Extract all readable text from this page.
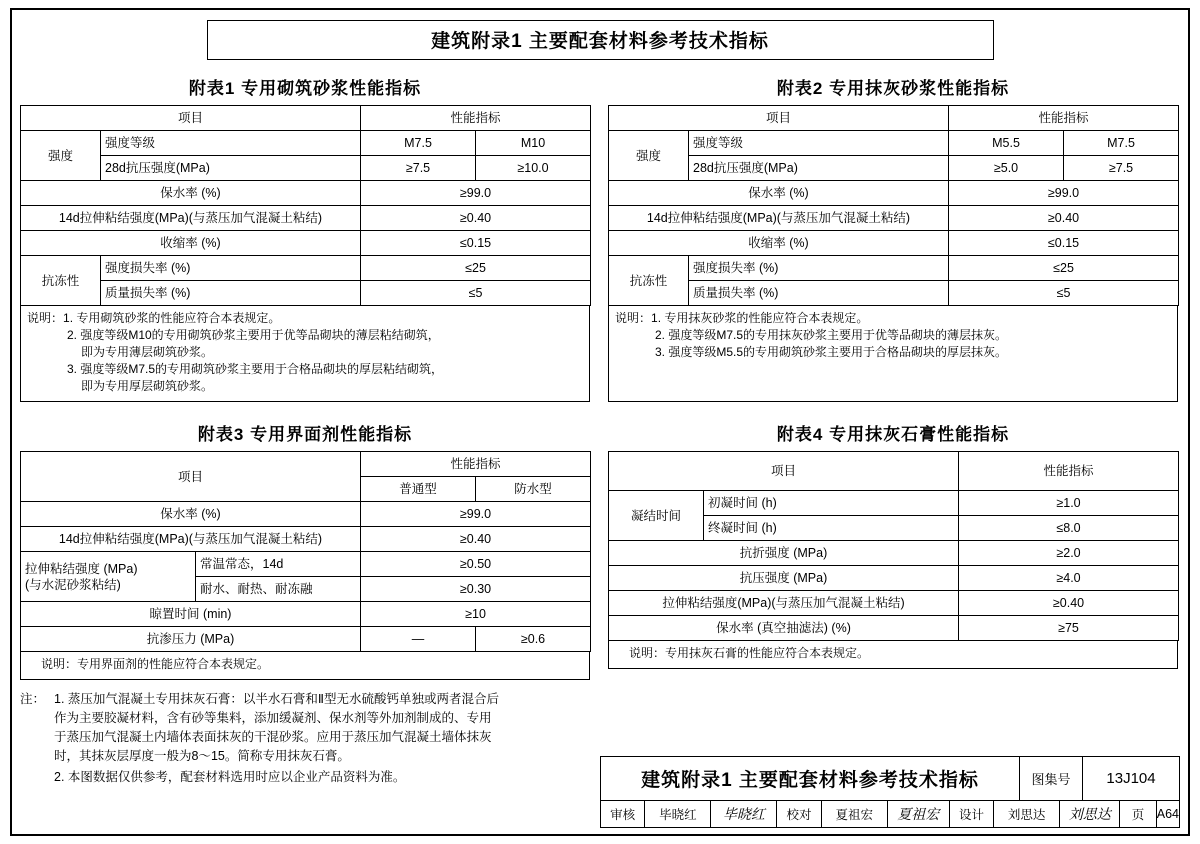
建筑附录1 主要配套材料参考技术指标
附表1 专用砌筑砂浆性能指标
项目		性能指标	
强度	强度等级	M7.5	M10
	28d抗压强度(MPa)	≥7.5	≥10.0
保水率 (%)		≥99.0	
14d拉伸粘结强度(MPa)(与蒸压加气混凝土粘结)		≥0.40	
收缩率 (%)		≤0.15	
抗冻性	强度损失率 (%)	≤25	
	质量损失率 (%)	≤5	

说明：1. 专用砌筑砂浆的性能应符合本表规定。

2. 强度等级M10的专用砌筑砂浆主要用于优等品砌块的薄层粘结砌筑，

即为专用薄层砌筑砂浆。

3. 强度等级M7.5的专用砌筑砂浆主要用于合格品砌块的厚层粘结砌筑，

即为专用厚层砌筑砂浆。

附表2 专用抹灰砂浆性能指标
项目		性能指标	
强度	强度等级	M5.5	M7.5
	28d抗压强度(MPa)	≥5.0	≥7.5
保水率 (%)		≥99.0	
14d拉伸粘结强度(MPa)(与蒸压加气混凝土粘结)		≥0.40	
收缩率 (%)		≤0.15	
抗冻性	强度损失率 (%)	≤25	
	质量损失率 (%)	≤5	

说明：1. 专用抹灰砂浆的性能应符合本表规定。

2. 强度等级M7.5的专用抹灰砂浆主要用于优等品砌块的薄层抹灰。

3. 强度等级M5.5的专用砌筑砂浆主要用于合格品砌块的厚层抹灰。

附表3 专用界面剂性能指标
项目		性能指标	
		普通型	防水型
保水率 (%)		≥99.0	
14d拉伸粘结强度(MPa)(与蒸压加气混凝土粘结)		≥0.40	

拉伸粘结强度 (MPa)
(与水泥砂浆粘结)	常温常态，14d	≥0.50	
	耐水、耐热、耐冻融	≥0.30	
晾置时间 (min)		≥10	
抗渗压力 (MPa)		—	≥0.6

说明：专用界面剂的性能应符合本表规定。

注： 1. 蒸压加气混凝土专用抹灰石膏：以半水石膏和Ⅱ型无水硫酸钙单独或两者混合后
作为主要胶凝材料，含有砂等集料，添加缓凝剂、保水剂等外加剂制成的、专用
于蒸压加气混凝土内墙体表面抹灰的干混砂浆。应用于蒸压加气混凝土墙体抹灰
时，其抹灰层厚度一般为8～15。简称专用抹灰石膏。
2. 本图数据仅供参考，配套材料选用时应以企业产品资料为准。
附表4 专用抹灰石膏性能指标
项目		性能指标
凝结时间	初凝时间 (h)	≥1.0
	终凝时间 (h)	≤8.0
抗折强度 (MPa)		≥2.0
抗压强度 (MPa)		≥4.0
拉伸粘结强度(MPa)(与蒸压加气混凝土粘结)		≥0.40
保水率 (真空抽滤法) (%)		≥75

说明：专用抹灰石膏的性能应符合本表规定。

建筑附录1 主要配套材料参考技术指标	图集号	13J104
审核	毕晓红	毕晓红	校对	夏祖宏	夏祖宏	设计	刘思达	刘思达	页 A64
